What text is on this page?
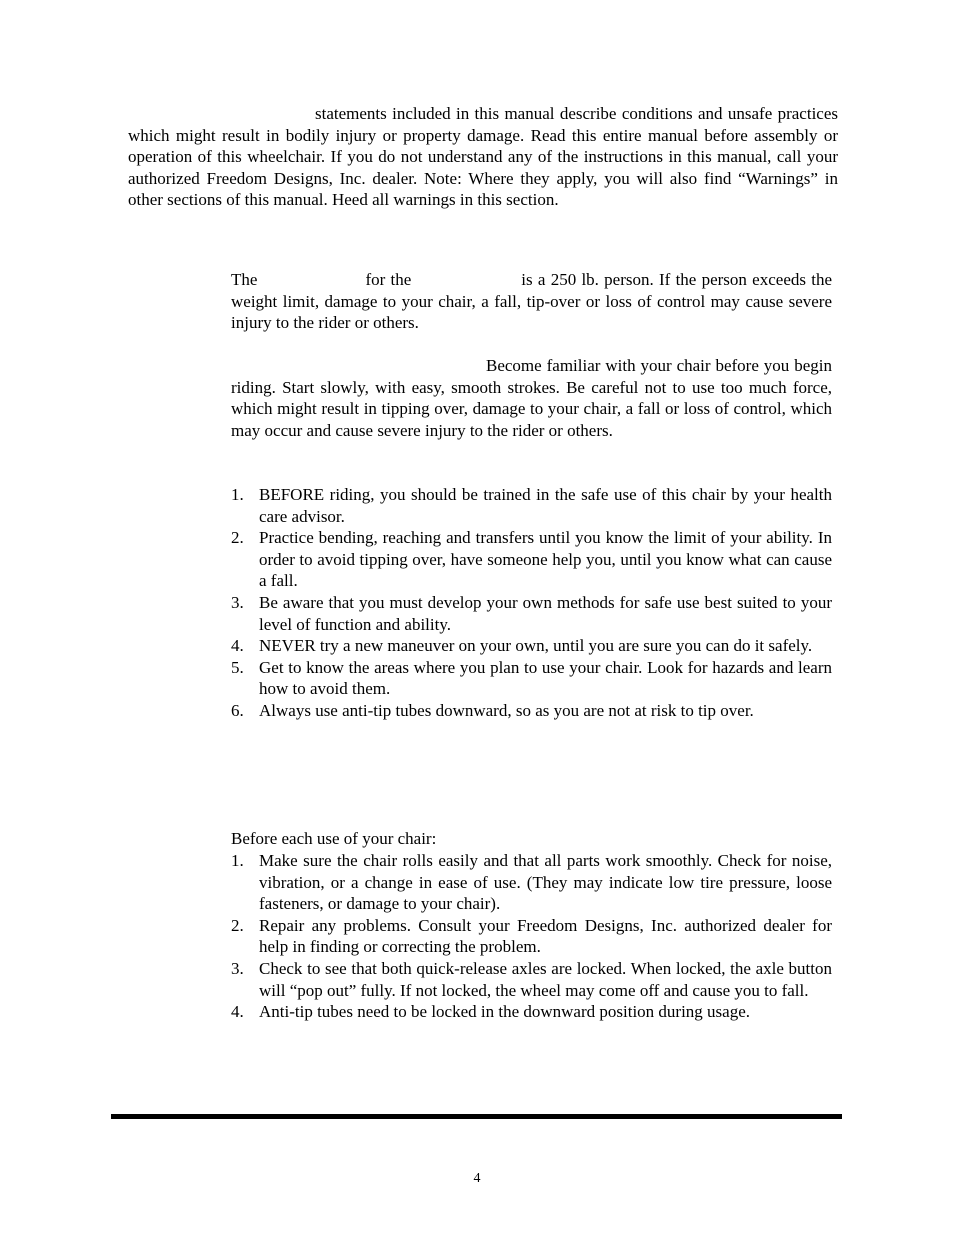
statements included in this manual describe conditions and unsafe practices which might result in bodily injury or property damage. Read this entire manual before assembly or operation of this wheelchair. If you do not understand any of the instructions in this manual, call your authorized Freedom Designs, Inc. dealer. Note: Where they apply, you will also find “Warnings” in other sections of this manual. Heed all warnings in this section.
The	for the	is a 250 lb. person. If the person exceeds the weight limit, damage to your chair, a fall, tip-over or loss of control may cause severe injury to the rider or others.
Become familiar with your chair before you begin riding. Start slowly, with easy, smooth strokes. Be careful not to use too much force, which might result in tipping over, damage to your chair, a fall or loss of control, which may occur and cause severe injury to the rider or others.
1. BEFORE riding, you should be trained in the safe use of this chair by your health care advisor.
2. Practice bending, reaching and transfers until you know the limit of your ability. In order to avoid tipping over, have someone help you, until you know what can cause a fall.
3. Be aware that you must develop your own methods for safe use best suited to your level of function and ability.
4. NEVER try a new maneuver on your own, until you are sure you can do it safely.
5. Get to know the areas where you plan to use your chair. Look for hazards and learn how to avoid them.
6. Always use anti-tip tubes downward, so as you are not at risk to tip over.
Before each use of your chair:
1. Make sure the chair rolls easily and that all parts work smoothly. Check for noise, vibration, or a change in ease of use. (They may indicate low tire pressure, loose fasteners, or damage to your chair).
2. Repair any problems. Consult your Freedom Designs, Inc. authorized dealer for help in finding or correcting the problem.
3. Check to see that both quick-release axles are locked. When locked, the axle button will “pop out” fully. If not locked, the wheel may come off and cause you to fall.
4. Anti-tip tubes need to be locked in the downward position during usage.
4
